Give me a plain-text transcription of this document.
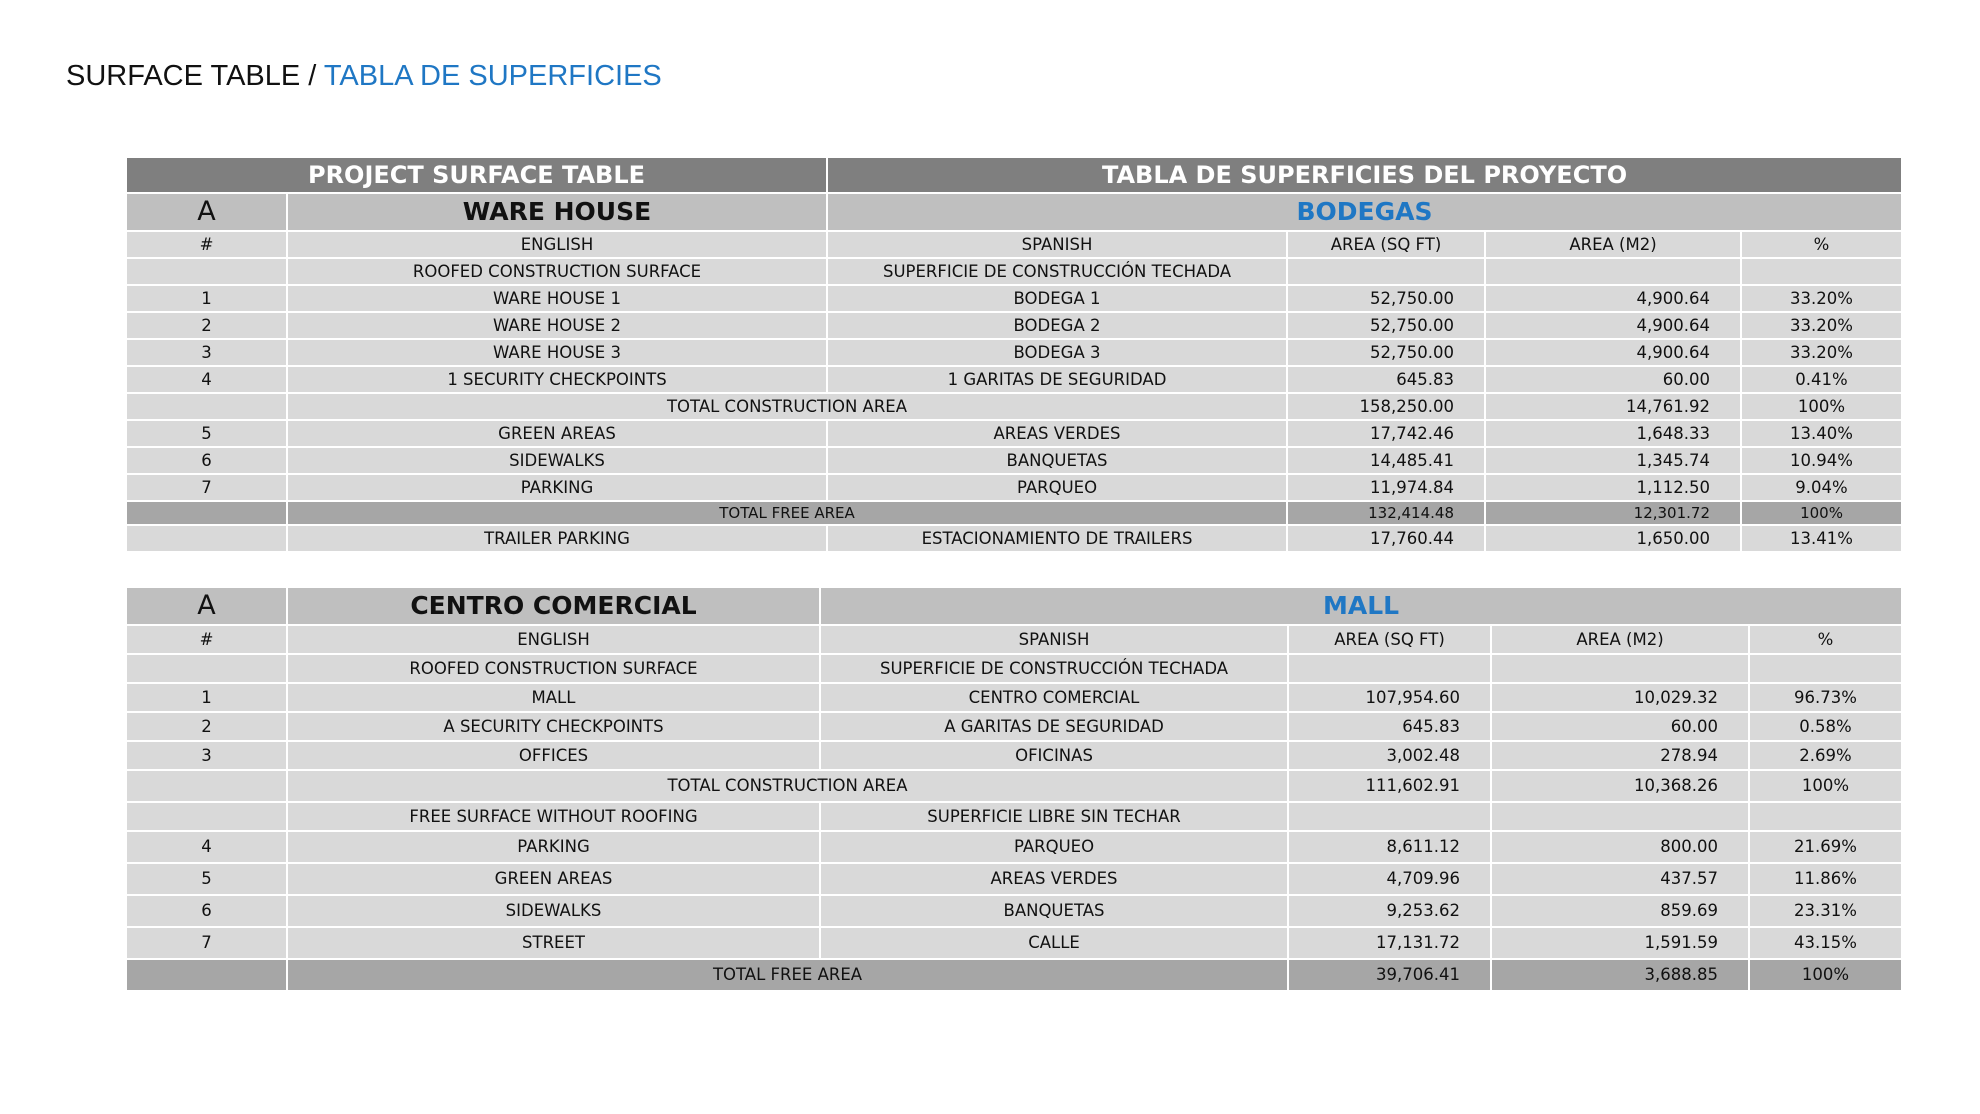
SURFACE TABLE / TABLA DE SUPERFICIES
PROJECT SURFACE TABLE		TABLA DE SUPERFICIES DEL PROYECTO			
A	WARE HOUSE	BODEGAS			
#	ENGLISH	SPANISH	AREA (SQ FT)	AREA (M2)	%
	ROOFED CONSTRUCTION SURFACE	SUPERFICIE DE CONSTRUCCIÓN TECHADA			
1	WARE HOUSE 1	BODEGA 1	52,750.00	4,900.64	33.20%
2	WARE HOUSE 2	BODEGA 2	52,750.00	4,900.64	33.20%
3	WARE HOUSE 3	BODEGA 3	52,750.00	4,900.64	33.20%
4	1 SECURITY CHECKPOINTS	1 GARITAS DE SEGURIDAD	645.83	60.00	0.41%
	TOTAL CONSTRUCTION AREA		158,250.00	14,761.92	100%
5	GREEN AREAS	AREAS VERDES	17,742.46	1,648.33	13.40%
6	SIDEWALKS	BANQUETAS	14,485.41	1,345.74	10.94%
7	PARKING	PARQUEO	11,974.84	1,112.50	9.04%
	TOTAL FREE AREA		132,414.48	12,301.72	100%
	TRAILER PARKING	ESTACIONAMIENTO DE TRAILERS	17,760.44	1,650.00	13.41%
A	CENTRO COMERCIAL	MALL			
#	ENGLISH	SPANISH	AREA (SQ FT)	AREA (M2)	%
	ROOFED CONSTRUCTION SURFACE	SUPERFICIE DE CONSTRUCCIÓN TECHADA			
1	MALL	CENTRO COMERCIAL	107,954.60	10,029.32	96.73%
2	A SECURITY CHECKPOINTS	A GARITAS DE SEGURIDAD	645.83	60.00	0.58%
3	OFFICES	OFICINAS	3,002.48	278.94	2.69%
	TOTAL CONSTRUCTION AREA		111,602.91	10,368.26	100%
	FREE SURFACE WITHOUT ROOFING	SUPERFICIE LIBRE SIN TECHAR			
4	PARKING	PARQUEO	8,611.12	800.00	21.69%
5	GREEN AREAS	AREAS VERDES	4,709.96	437.57	11.86%
6	SIDEWALKS	BANQUETAS	9,253.62	859.69	23.31%
7	STREET	CALLE	17,131.72	1,591.59	43.15%
	TOTAL FREE AREA		39,706.41	3,688.85	100%
